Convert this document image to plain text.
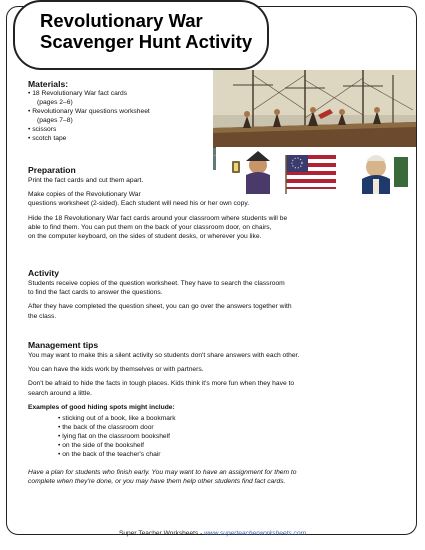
Revolutionary War
Scavenger Hunt Activity
Materials:
• 18 Revolutionary War fact cards
(pages 2–6)
• Revolutionary War questions worksheet
(pages 7–8)
• scissors
• scotch tape
Preparation
Print the fact cards and cut them apart.
Make copies of the Revolutionary War
questions worksheet (2-sided). Each student will need his or her own copy.
Hide the 18 Revolutionary War fact cards around your classroom where students will be
able to find them. You can put them on the back of your classroom door, on chairs,
on the computer keyboard, on the sides of student desks, or wherever you like.
Activity
Students receive copies of the question worksheet. They have to search the classroom
to find the fact cards to answer the questions.
After they have completed the question sheet, you can go over the answers together with
the class.
Management tips
You may want to make this a silent activity so students don't share answers with each other.
You can have the kids work by themselves or with partners.
Don't be afraid to hide the facts in tough places. Kids think it's more fun when they have to
search around a little.
Examples of good hiding spots might include:
• sticking out of a book, like a bookmark
• the back of the classroom door
• lying flat on the classroom bookshelf
• on the side of the bookshelf
• on the back of the teacher's chair
Have a plan for students who finish early. You may want to have an assignment for them to
complete when they're done, or you may have them help other students find fact cards.
Super Teacher Worksheets - www.superteacherworksheets.com
